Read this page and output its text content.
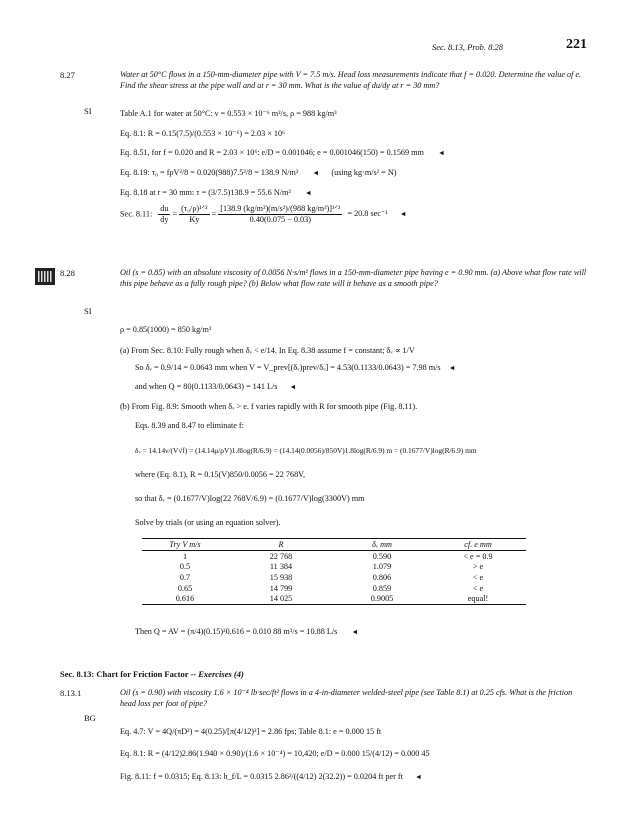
Sec. 8.13, Prob. 8.28	221
8.27
SI
Water at 50°C flows in a 150-mm-diameter pipe with V = 7.5 m/s. Head loss measurements indicate that f = 0.020. Determine the value of e. Find the shear stress at the pipe wall and at r = 30 mm. What is the value of du/dy at r = 30 mm?
Table A.1 for water at 50°C: ν = 0.553 × 10⁻⁶ m²/s, ρ = 988 kg/m³
Eq. 8.1: R = 0.15(7.5)/(0.553 × 10⁻⁶) = 2.03 × 10⁶
Eq. 8.51, for f = 0.020 and R = 2.03 × 10⁶: e/D = 0.001046; e = 0.001046(150) = 0.1569 mm ◄
Eq. 8.19: τ₀ = fρV²/8 = 0.020(988)7.5²/8 = 138.9 N/m² ◄ (using kg·m/s² = N)
Eq. 8.18 at r = 30 mm: τ = (3/7.5)138.9 = 55.6 N/m² ◄
Sec. 8.11: $\frac{du}{dy} = \frac{\text{(τ₀/ρ)¹ᐟ²}}{Ky} = \frac{\text{[138.9 (kg/m³)(m/s²)/(988 kg/m³)]¹ᐟ²}}{0.40(0.075 - 0.03)} = 20.8$ sec⁻¹ ◄
8.28
SI
Oil (s = 0.85) with an absolute viscosity of 0.0056 N·s/m² flows in a 150-mm-diameter pipe having e = 0.90 mm. (a) Above what flow rate will this pipe behave as a fully rough pipe? (b) Below what flow rate will it behave as a smooth pipe?
ρ = 0.85(1000) = 850 kg/m³
(a) From Sec. 8.10: Fully rough when δᵥ < e/14. In Eq. 8.38 assume f = constant; δᵥ ∝ 1/V
So δᵥ = 0.9/14 = 0.0643 mm when V = V_prev[(δᵥ)prev/δᵥ] = 4.53(0.1133/0.0643) = 7.98 m/s ◄
and when Q = 80(0.1133/0.0643) = 141 L/s ◄
(b) From Fig. 8.9: Smooth when δᵥ > e. f varies rapidly with R for smooth pipe (Fig. 8.11).
Eqs. 8.39 and 8.47 to eliminate f:
δᵥ = 14.14ν/(V√f) = (14.14μ/ρV)1.8log(R/6.9) = (14.14(0.0056)/850V)1.8log(R/6.9) m = (0.1677/V)log(R/6.9) mm
where (Eq. 8.1), R = 0.15(V)850/0.0056 = 22 768V,
so that δᵥ = (0.1677/V)log(22 768V/6.9) = (0.1677/V)log(3300V) mm
Solve by trials (or using an equation solver).
Try V m/s	R	δᵥ mm	cf. e mm
1	22 768	0.590	< e = 0.9
0.5	11 384	1.079	> e
0.7	15 938	0.806	< e
0.65	14 799	0.859	< e
0.616	14 025	0.9005	equal!
Then Q = AV = (π/4)(0.15)²0.616 = 0.010 88 m³/s = 10.88 L/s ◄
Sec. 8.13: Chart for Friction Factor -- Exercises (4)
8.13.1
BG
Oil (s = 0.90) with viscosity 1.6 × 10⁻⁴ lb·sec/ft² flows in a 4-in-diameter welded-steel pipe (see Table 8.1) at 0.25 cfs. What is the friction head loss per foot of pipe?
Eq. 4.7: V = 4Q/(πD²) = 4(0.25)/[π(4/12)²] = 2.86 fps; Table 8.1: e = 0.000 15 ft
Eq. 8.1: R = (4/12)2.86(1.940 × 0.90)/(1.6 × 10⁻⁴) = 10,420; e/D = 0.000 15/(4/12) = 0.000 45
Fig. 8.11: f = 0.0315; Eq. 8.13: h_f/L = 0.0315 2.86²/((4/12) 2(32.2)) = 0.0204 ft per ft ◄
